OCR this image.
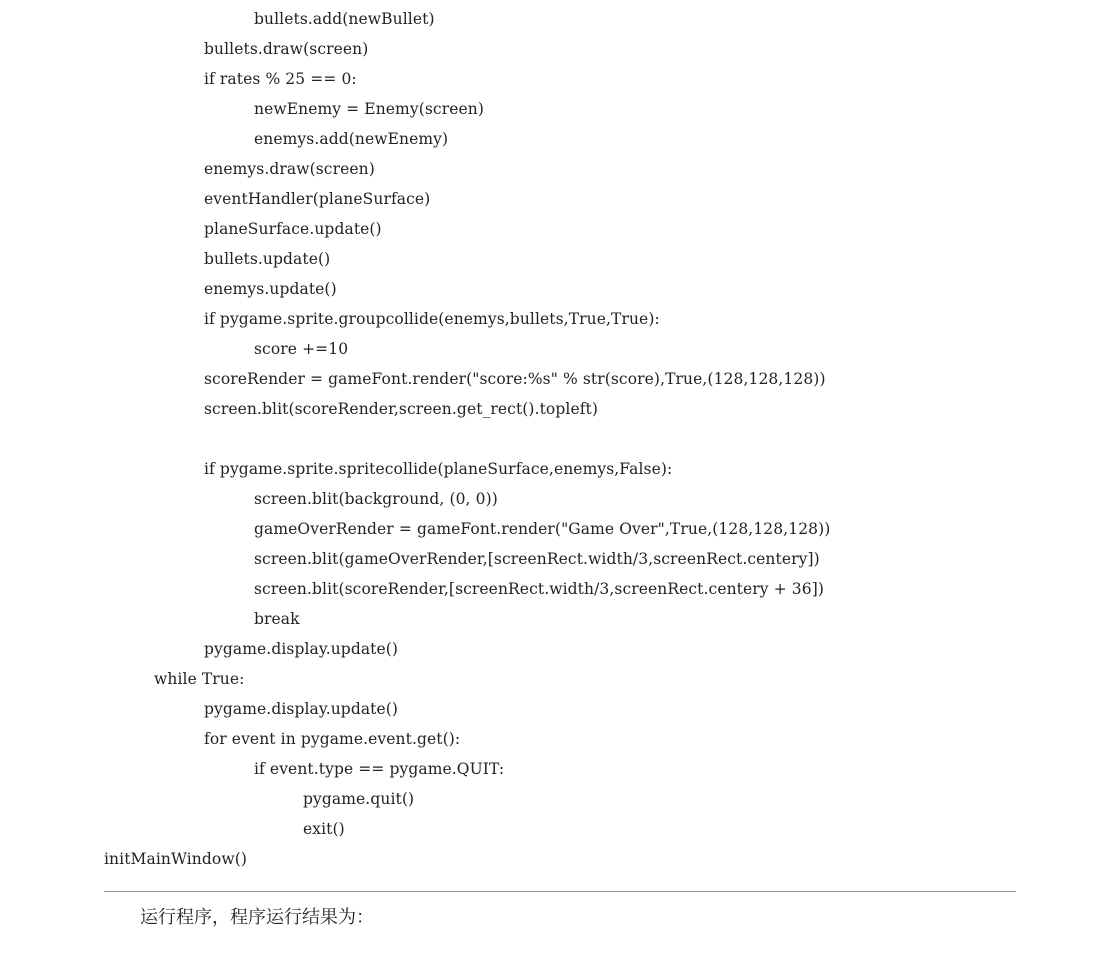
bullets.add(newBullet)
bullets.draw(screen)
if rates % 25 == 0:
newEnemy = Enemy(screen)
enemys.add(newEnemy)
enemys.draw(screen)
eventHandler(planeSurface)
planeSurface.update()
bullets.update()
enemys.update()
if pygame.sprite.groupcollide(enemys,bullets,True,True):
score +=10
scoreRender = gameFont.render("score:%s" % str(score),True,(128,128,128))
screen.blit(scoreRender,screen.get_rect().topleft)
if pygame.sprite.spritecollide(planeSurface,enemys,False):
screen.blit(background, (0, 0))
gameOverRender = gameFont.render("Game Over",True,(128,128,128))
screen.blit(gameOverRender,[screenRect.width/3,screenRect.centery])
screen.blit(scoreRender,[screenRect.width/3,screenRect.centery + 36])
break
pygame.display.update()
while True:
pygame.display.update()
for event in pygame.event.get():
if event.type == pygame.QUIT:
pygame.quit()
exit()
initMainWindow()
运行程序，程序运行结果为：
